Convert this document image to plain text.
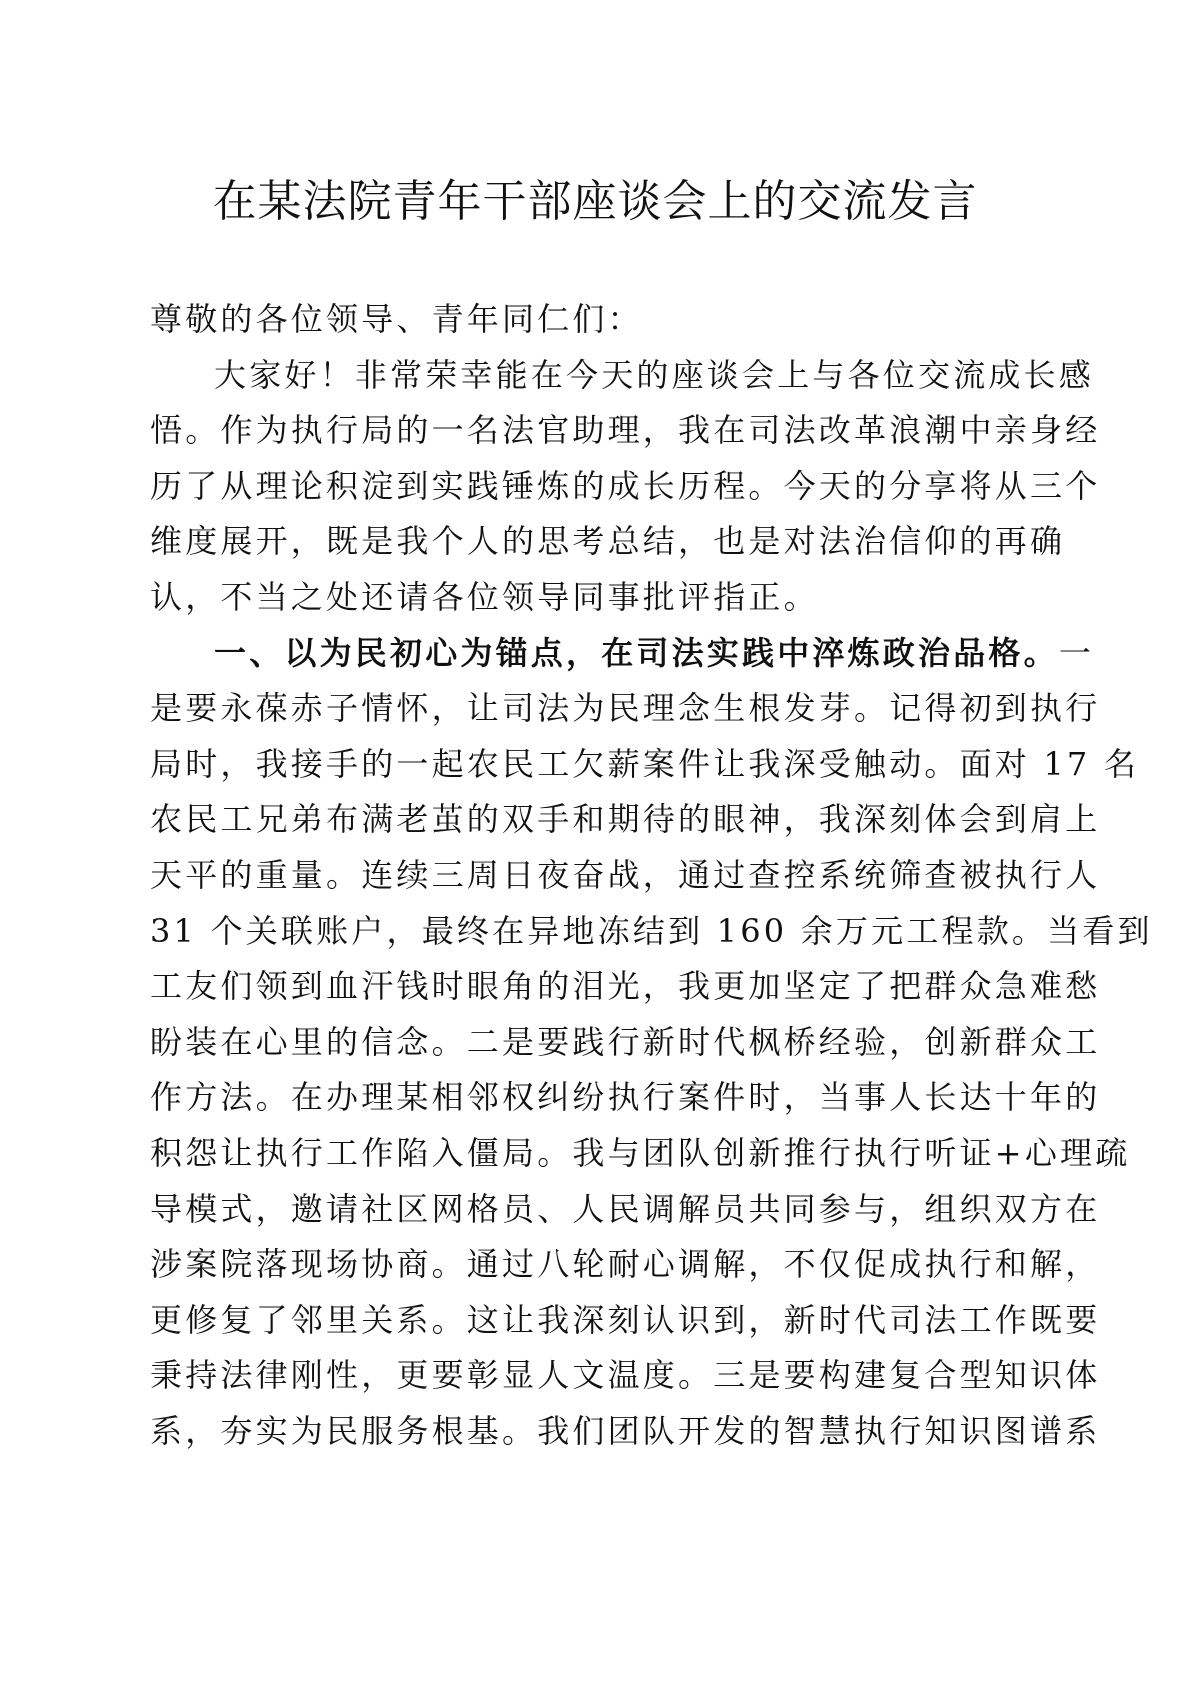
在某法院青年干部座谈会上的交流发言
尊敬的各位领导、青年同仁们：
大家好！非常荣幸能在今天的座谈会上与各位交流成长感
悟。作为执行局的一名法官助理，我在司法改革浪潮中亲身经
历了从理论积淀到实践锤炼的成长历程。今天的分享将从三个
维度展开，既是我个人的思考总结，也是对法治信仰的再确
认，不当之处还请各位领导同事批评指正。
一、以为民初心为锚点，在司法实践中淬炼政治品格。一
是要永葆赤子情怀，让司法为民理念生根发芽。记得初到执行
局时，我接手的一起农民工欠薪案件让我深受触动。面对 17 名
农民工兄弟布满老茧的双手和期待的眼神，我深刻体会到肩上
天平的重量。连续三周日夜奋战，通过查控系统筛查被执行人
31 个关联账户，最终在异地冻结到 160 余万元工程款。当看到
工友们领到血汗钱时眼角的泪光，我更加坚定了把群众急难愁
盼装在心里的信念。二是要践行新时代枫桥经验，创新群众工
作方法。在办理某相邻权纠纷执行案件时，当事人长达十年的
积怨让执行工作陷入僵局。我与团队创新推行执行听证+心理疏
导模式，邀请社区网格员、人民调解员共同参与，组织双方在
涉案院落现场协商。通过八轮耐心调解，不仅促成执行和解，
更修复了邻里关系。这让我深刻认识到，新时代司法工作既要
秉持法律刚性，更要彰显人文温度。三是要构建复合型知识体
系，夯实为民服务根基。我们团队开发的智慧执行知识图谱系
